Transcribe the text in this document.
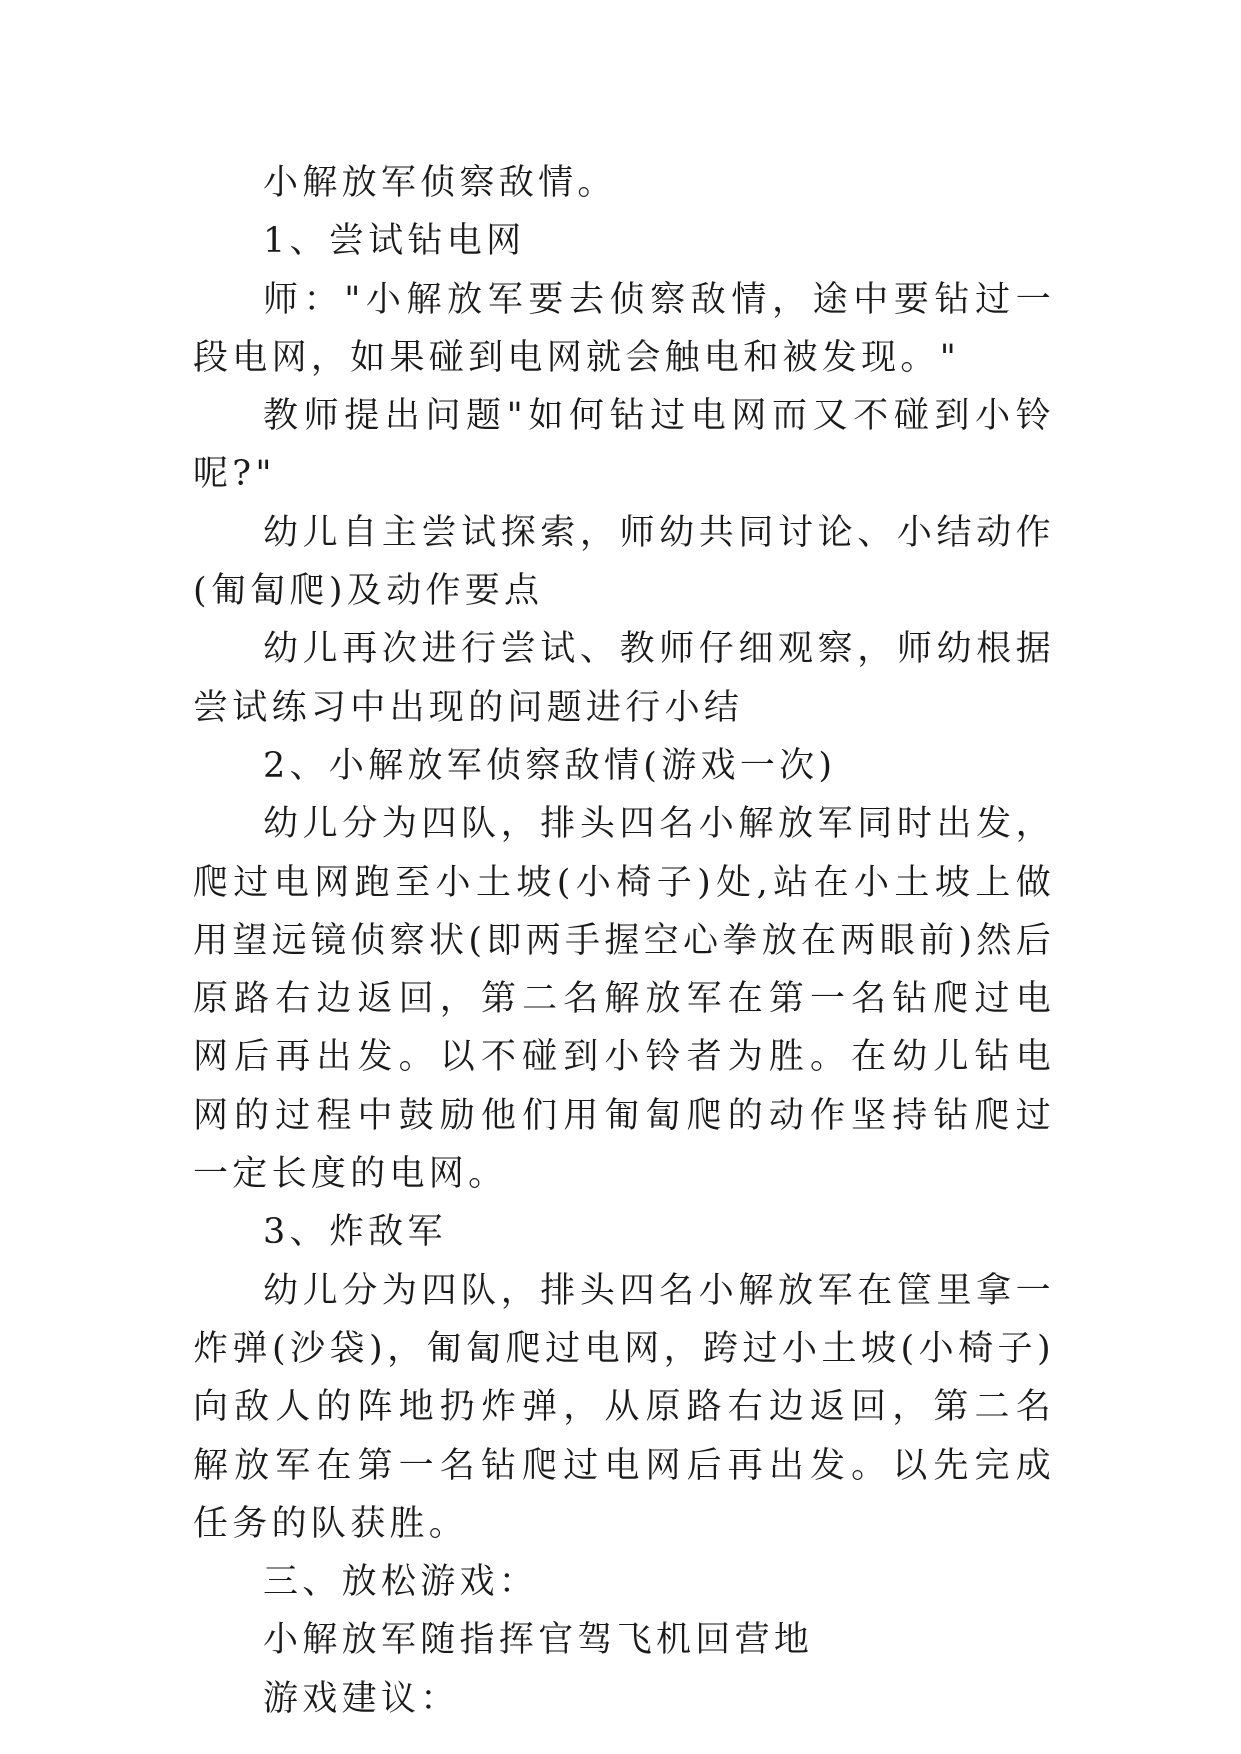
小解放军侦察敌情。

1、尝试钻电网

师："小解放军要去侦察敌情，途中要钻过一段电网，如果碰到电网就会触电和被发现。"

教师提出问题"如何钻过电网而又不碰到小铃呢?"

幼儿自主尝试探索，师幼共同讨论、小结动作(匍匐爬)及动作要点

幼儿再次进行尝试、教师仔细观察，师幼根据尝试练习中出现的问题进行小结

2、小解放军侦察敌情(游戏一次)

幼儿分为四队，排头四名小解放军同时出发，爬过电网跑至小土坡(小椅子)处,站在小土坡上做用望远镜侦察状(即两手握空心拳放在两眼前)然后原路右边返回，第二名解放军在第一名钻爬过电网后再出发。以不碰到小铃者为胜。在幼儿钻电网的过程中鼓励他们用匍匐爬的动作坚持钻爬过一定长度的电网。

3、炸敌军

幼儿分为四队，排头四名小解放军在筐里拿一炸弹(沙袋)，匍匐爬过电网，跨过小土坡(小椅子)向敌人的阵地扔炸弹，从原路右边返回，第二名解放军在第一名钻爬过电网后再出发。以先完成任务的队获胜。

三、放松游戏：

小解放军随指挥官驾飞机回营地

游戏建议：
